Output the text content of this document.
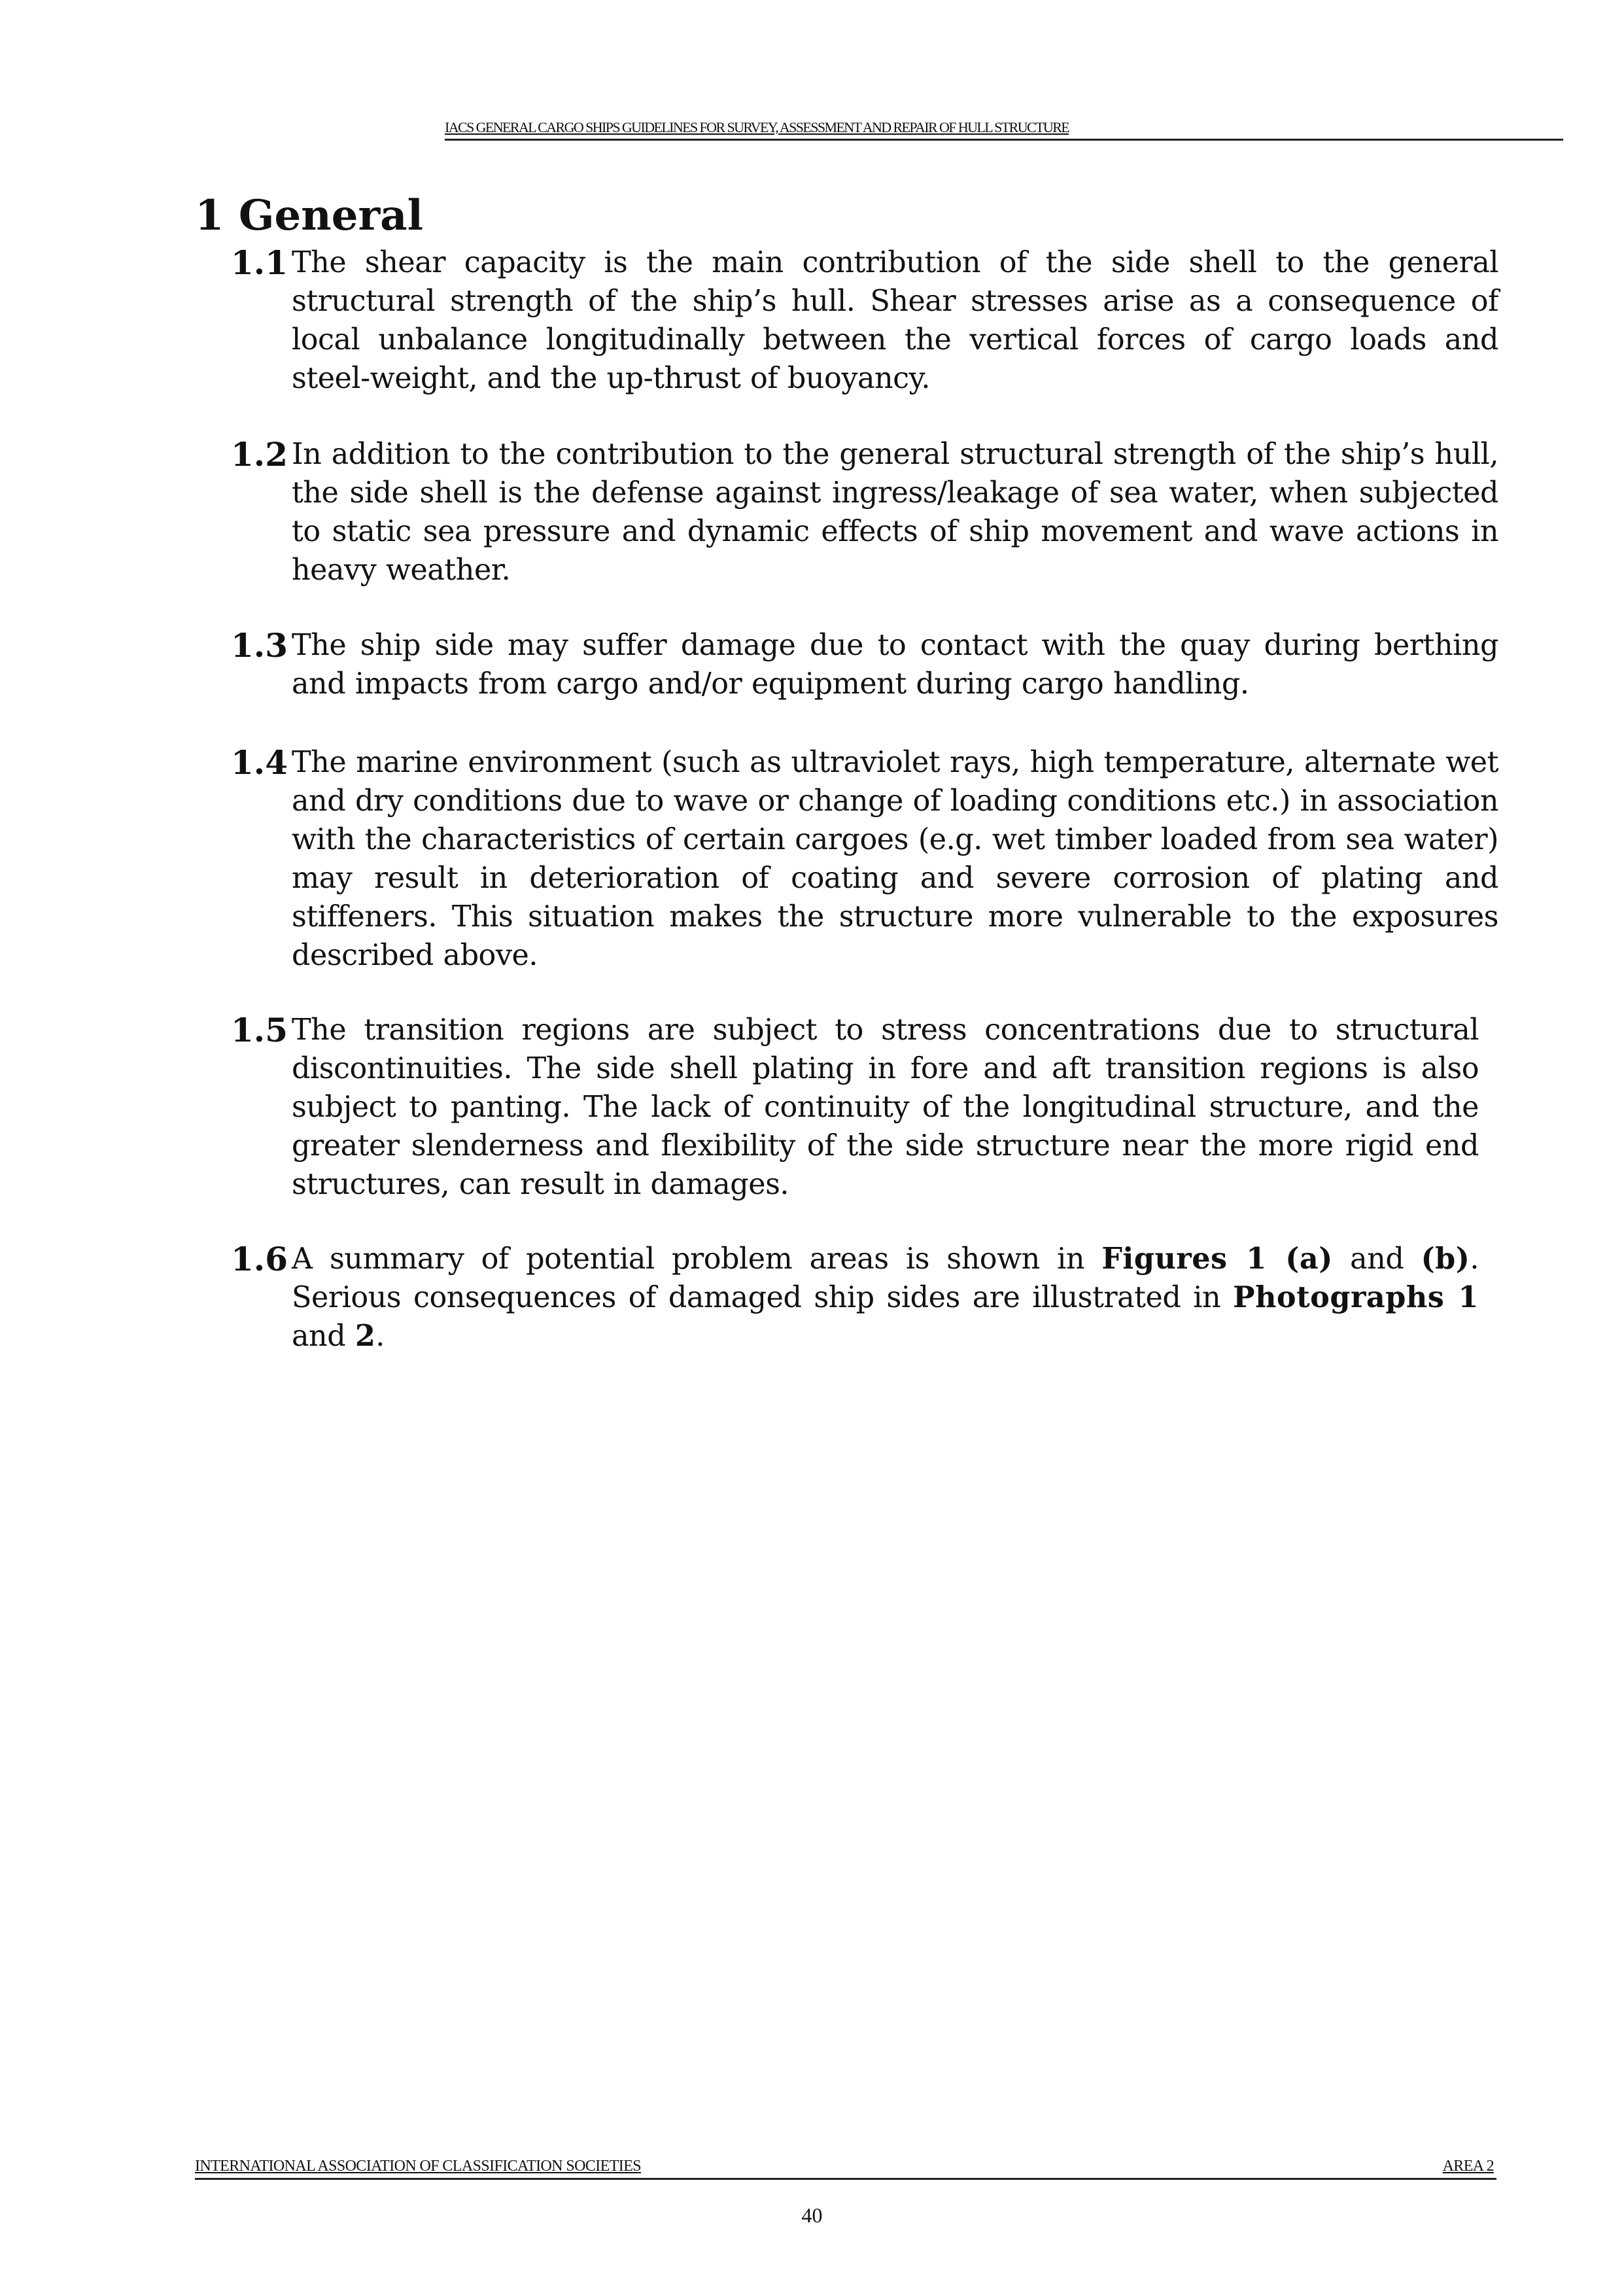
IACS GENERAL CARGO SHIPS GUIDELINES FOR SURVEY, ASSESSMENT AND REPAIR OF HULL STRUCTURE
1 General
1.1 The shear capacity is the main contribution of the side shell to the general structural strength of the ship’s hull. Shear stresses arise as a consequence of local unbalance longitudinally between the vertical forces of cargo loads and steel-weight, and the up-thrust of buoyancy.
1.2 In addition to the contribution to the general structural strength of the ship’s hull, the side shell is the defense against ingress/leakage of sea water, when subjected to static sea pressure and dynamic effects of ship movement and wave actions in heavy weather.
1.3 The ship side may suffer damage due to contact with the quay during berthing and impacts from cargo and/or equipment during cargo handling.
1.4 The marine environment (such as ultraviolet rays, high temperature, alternate wet and dry conditions due to wave or change of loading conditions etc.) in association with the characteristics of certain cargoes (e.g. wet timber loaded from sea water) may result in deterioration of coating and severe corrosion of plating and stiffeners. This situation makes the structure more vulnerable to the exposures described above.
1.5 The transition regions are subject to stress concentrations due to structural discontinuities. The side shell plating in fore and aft transition regions is also subject to panting. The lack of continuity of the longitudinal structure, and the greater slenderness and flexibility of the side structure near the more rigid end structures, can result in damages.
1.6 A summary of potential problem areas is shown in Figures 1 (a) and (b). Serious consequences of damaged ship sides are illustrated in Photographs 1 and 2.
INTERNATIONAL ASSOCIATION OF CLASSIFICATION SOCIETIES	AREA 2
40
